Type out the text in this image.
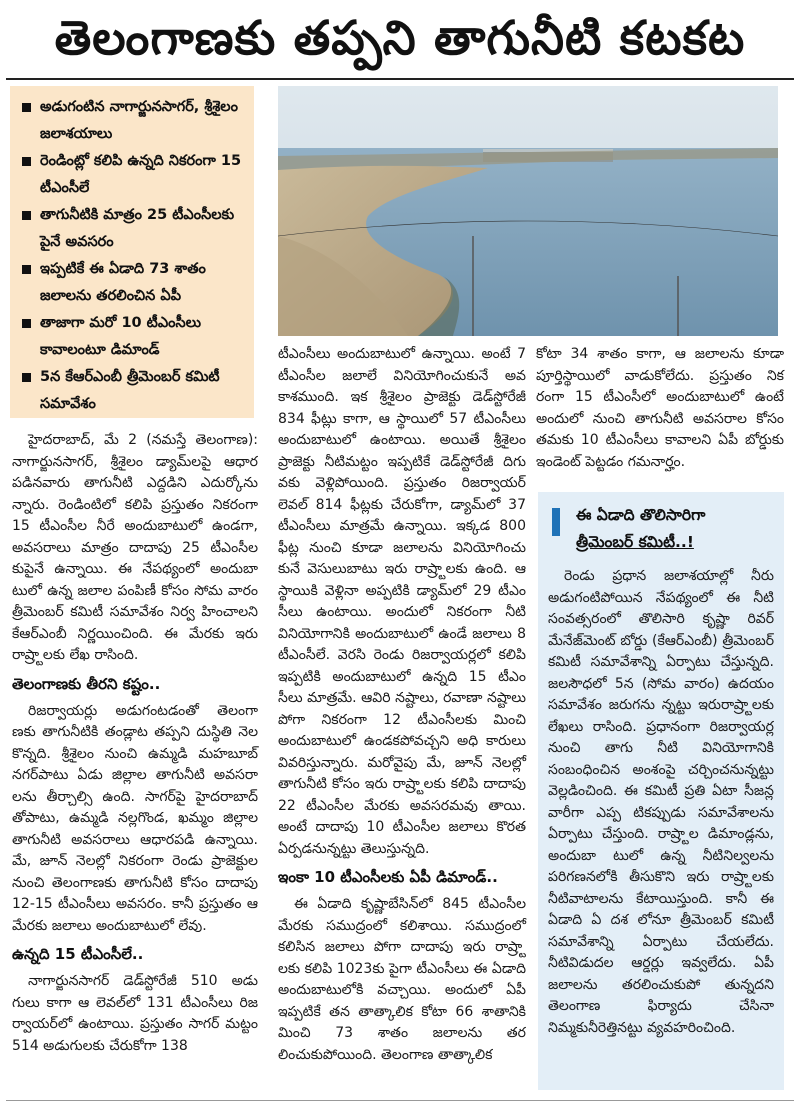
తెలంగాణకు తప్పని తాగునీటి కటకట
అడుగంటిన నాగార్జునసాగర్, శ్రీశైలం జలాశయాలు
రెండింట్లో కలిపి ఉన్నది నికరంగా 15 టీఎంసీలే
తాగునీటికి మాత్రం 25 టీఎంసీలకు పైనే అవసరం
ఇప్పటికే ఈ ఏడాది 73 శాతం జలాలను తరలించిన ఏపీ
తాజాగా మరో 10 టీఎంసీలు కావాలంటూ డిమాండ్
5న కేఆర్ఎంబీ త్రీమెంబర్ కమిటీ సమావేశం

హైదరాబాద్, మే 2 (నమస్తే తెలంగాణ): నాగార్జునసాగర్, శ్రీశైలం డ్యామ్‌లపై ఆధార పడినవారు తాగునీటి ఎద్దడిని ఎదుర్కోను న్నారు. రెండింటిలో కలిపి ప్రస్తుతం నికరంగా 15 టీఎంసీల నీరే అందుబాటులో ఉండగా, అవసరాలు మాత్రం దాదాపు 25 టీఎంసీల కుపైనే ఉన్నాయి. ఈ నేపథ్యంలో అందుబా టులో ఉన్న జలాల పంపిణీ కోసం సోమ వారం త్రీమెంబర్ కమిటీ సమావేశం నిర్వ హించాలని కేఆర్ఎంబీ నిర్ణయించింది. ఈ మేరకు ఇరు రాష్ర్టాలకు లేఖ రాసింది.

తెలంగాణకు తీరని కష్టం..

రిజర్వాయర్లు అడుగంటడంతో తెలంగా ణకు తాగునీటికి తండ్లాట తప్పని దుస్థితి నెల కొన్నది. శ్రీశైలం నుంచి ఉమ్మడి మహబూబ్ నగర్‌పాటు ఏడు జిల్లాల తాగునీటి అవసరా లను తీర్చాల్సి ఉంది. సాగర్‌పై హైదరాబాద్ తోపాటు, ఉమ్మడి నల్లగొండ, ఖమ్మం జిల్లాల తాగునీటి అవసరాలు ఆధారపడి ఉన్నాయి. మే, జూన్ నెలల్లో నికరంగా రెండు ప్రాజెక్టుల నుంచి తెలంగాణకు తాగునీటి కోసం దాదాపు 12-15 టీఎంసీలు అవసరం. కానీ ప్రస్తుతం ఆ మేరకు జలాలు అందుబాటులో లేవు.

ఉన్నది 15 టీఎంసీలే..

నాగార్జునసాగర్ డెడ్‌స్టోరేజీ 510 అడు గులు కాగా ఆ లెవల్‌లో 131 టీఎంసీలు రిజ ర్వాయర్‌లో ఉంటాయి. ప్రస్తుతం సాగర్ మట్టం 514 అడుగులకు చేరుకోగా 138

టీఎంసీలు అందుబాటులో ఉన్నాయి. అంటే 7 టీఎంసీల జలాలే వినియోగించుకునే అవ కాశముంది. ఇక శ్రీశైలం ప్రాజెక్టు డెడ్‌స్టోరేజీ 834 ఫీట్లు కాగా, ఆ స్థాయిలో 57 టీఎంసీలు అందుబాటులో ఉంటాయి. అయితే శ్రీశైలం ప్రాజెక్టు నీటిమట్టం ఇప్పటికే డెడ్‌స్టోరేజీ దిగు వకు వెళ్లిపోయింది. ప్రస్తుతం రిజర్వాయర్ లెవల్ 814 ఫీట్లకు చేరుకోగా, డ్యామ్‌లో 37 టీఎంసీలు మాత్రమే ఉన్నాయి. ఇక్కడ 800 ఫీట్ల నుంచి కూడా జలాలను వినియోగించు కునే వెసులుబాటు ఇరు రాష్ర్టాలకు ఉంది. ఆ స్థాయికి వెళ్లినా అప్పటికి డ్యామ్‌లో 29 టీఎం సీలు ఉంటాయి. అందులో నికరంగా నీటి వినియోగానికి అందుబాటులో ఉండే జలాలు 8 టీఎంసీలే. వెరసి రెండు రిజర్వాయర్లలో కలిపి ఇప్పటికి అందుబాటులో ఉన్నది 15 టీఎం సీలు మాత్రమే. ఆవిరి నష్టాలు, రవాణా నష్టాలు పోగా నికరంగా 12 టీఎంసీలకు మించి అందుబాటులో ఉండకపోవచ్చని అధి కారులు వివరిస్తున్నారు. మరోవైపు మే, జూన్ నెలల్లో తాగునీటి కోసం ఇరు రాష్ర్టాలకు కలిపి దాదాపు 22 టీఎంసీల మేరకు అవసరమవు తాయి. అంటే దాదాపు 10 టీఎంసీల జలాలు కొరత ఏర్పడనున్నట్టు తెలుస్తున్నది.

ఇంకా 10 టీఎంసీలకు ఏపీ డిమాండ్..

ఈ ఏడాది కృష్ణాబేసిన్‌లో 845 టీఎంసీల మేరకు సముద్రంలో కలిశాయి. సముద్రంలో కలిసిన జలాలు పోగా దాదాపు ఇరు రాష్ర్టా లకు కలిపి 1023కు పైగా టీఎంసీలు ఈ ఏడాది అందుబాటులోకి వచ్చాయి. అందులో ఏపీ ఇప్పటికే తన తాత్కాలిక కోటా 66 శాతానికి మించి 73 శాతం జలాలను తర లించుకుపోయింది. తెలంగాణ తాత్కాలిక

కోటా 34 శాతం కాగా, ఆ జలాలను కూడా పూర్తిస్థాయిలో వాడుకోలేదు. ప్రస్తుతం నిక రంగా 15 టీఎంసీలో అందుబాటులో ఉంటే అందులో నుంచి తాగునీటి అవసరాల కోసం తమకు 10 టీఎంసీలు కావాలని ఏపీ బోర్డుకు ఇండెంట్ పెట్టడం గమనార్హం.

ఈ ఏడాది తొలిసారిగా
త్రీమెంబర్ కమిటీ..!

రెండు ప్రధాన జలాశయాల్లో నీరు అడుగంటిపోయిన నేపథ్యంలో ఈ నీటి సంవత్సరంలో తొలిసారి కృష్ణా రివర్ మేనేజ్‌మెంట్ బోర్డు (కేఆర్ఎంబీ) త్రీమెంబర్ కమిటీ సమావేశాన్ని ఏర్పాటు చేస్తున్నది. జలసౌధలో 5న (సోమ వారం) ఉదయం సమావేశం జరుగను న్నట్టు ఇరురాష్ర్టాలకు లేఖలు రాసింది. ప్రధానంగా రిజర్వాయర్ల నుంచి తాగు నీటి వినియోగానికి సంబంధించిన అంశంపై చర్చించనున్నట్టు వెల్లడించింది. ఈ కమిటీ ప్రతి ఏటా సీజన్ల వారీగా ఎప్ప టికప్పుడు సమావేశాలను ఏర్పాటు చేస్తుంది. రాష్ర్టాల డిమాండ్లను, అందుబా టులో ఉన్న నీటినిల్వలను పరిగణనలోకి తీసుకొని ఇరు రాష్ర్టాలకు నీటివాటాలను కేటాయిస్తుంది. కానీ ఈ ఏడాది ఏ దశ లోనూ త్రీమెంబర్ కమిటీ సమావేశాన్ని ఏర్పాటు చేయలేదు. నీటివిడుదల ఆర్డర్లు ఇవ్వలేదు. ఏపీ జలాలను తరలించుకుపో తున్నదని తెలంగాణ ఫిర్యాదు చేసినా నిమ్మకునీరెత్తినట్టు వ్యవహరించింది.
